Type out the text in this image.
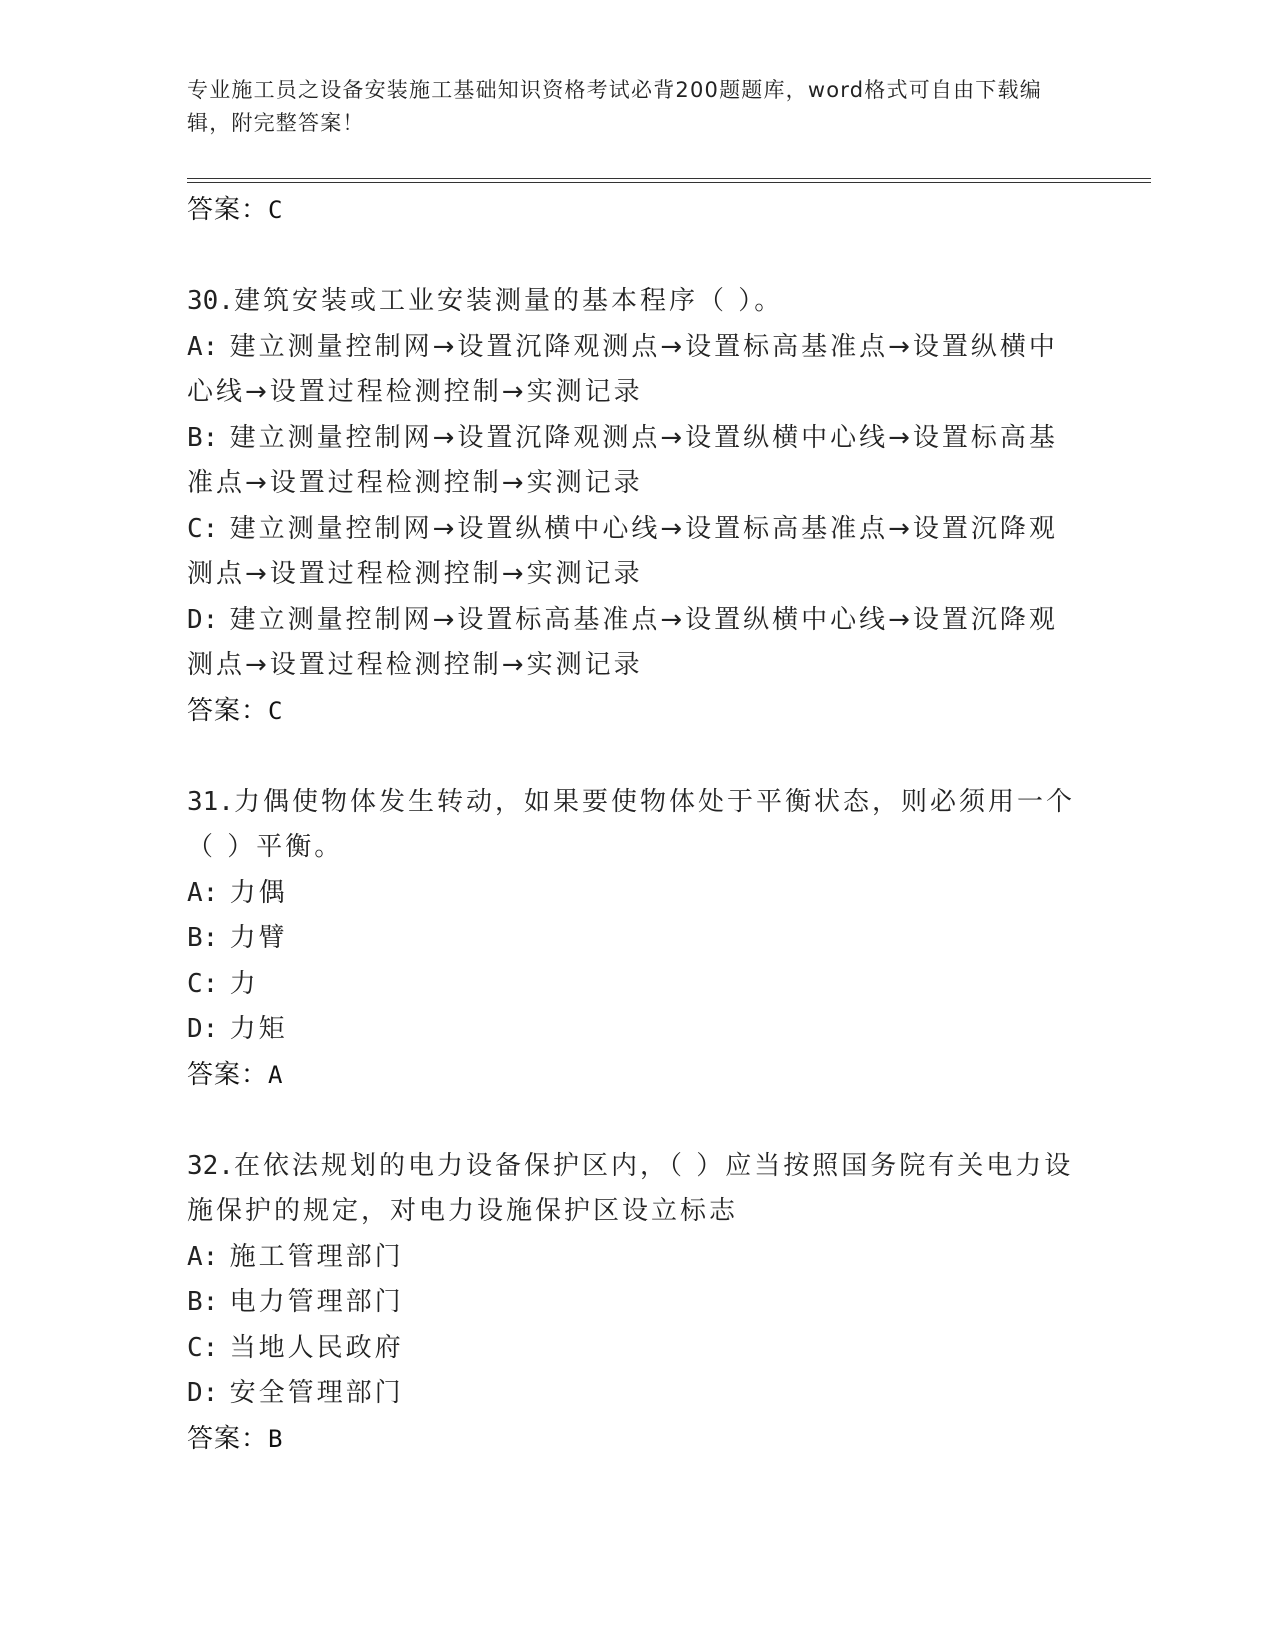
专业施工员之设备安装施工基础知识资格考试必背200题题库，word格式可自由下载编辑，附完整答案！
答案：C
30.建筑安装或工业安装测量的基本程序（ ）。
A: 建立测量控制网→设置沉降观测点→设置标高基准点→设置纵横中心线→设置过程检测控制→实测记录
B: 建立测量控制网→设置沉降观测点→设置纵横中心线→设置标高基准点→设置过程检测控制→实测记录
C: 建立测量控制网→设置纵横中心线→设置标高基准点→设置沉降观测点→设置过程检测控制→实测记录
D: 建立测量控制网→设置标高基准点→设置纵横中心线→设置沉降观测点→设置过程检测控制→实测记录
答案：C
31.力偶使物体发生转动，如果要使物体处于平衡状态，则必须用一个（ ）平衡。
A: 力偶
B: 力臂
C: 力
D: 力矩
答案：A
32.在依法规划的电力设备保护区内，（ ）应当按照国务院有关电力设施保护的规定，对电力设施保护区设立标志
A: 施工管理部门
B: 电力管理部门
C: 当地人民政府
D: 安全管理部门
答案：B
